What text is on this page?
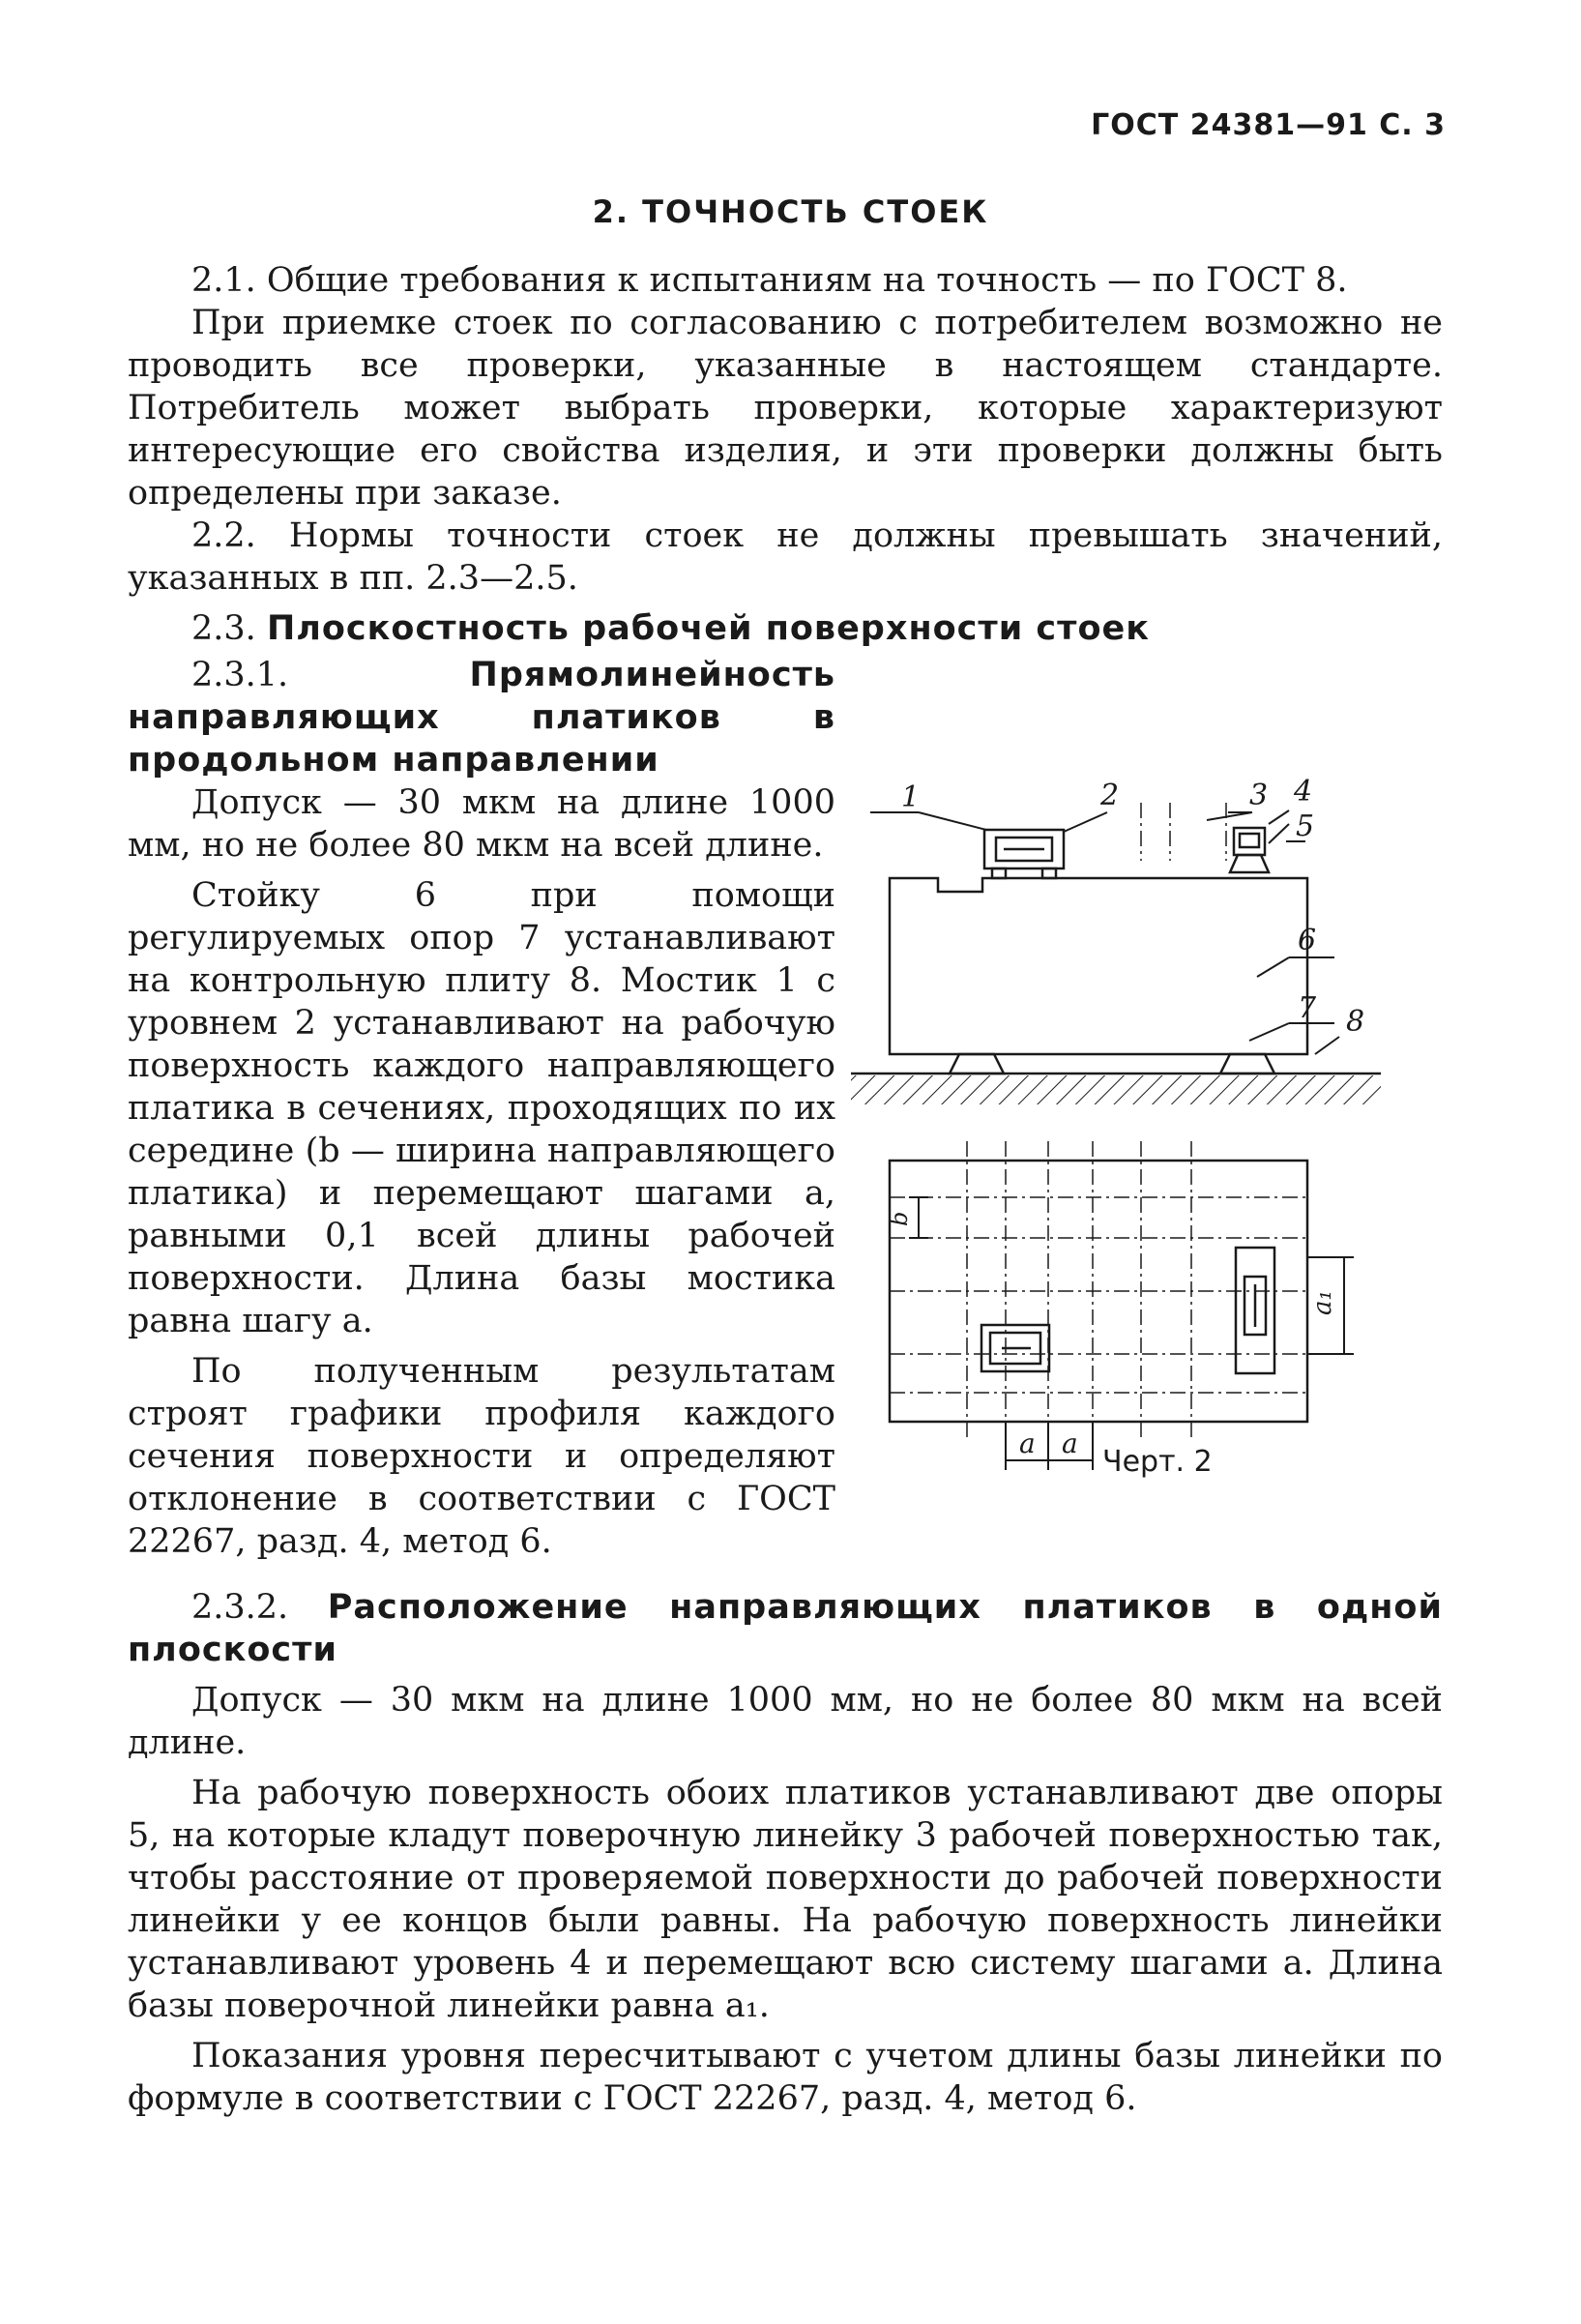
ГОСТ 24381—91 С. 3
2. ТОЧНОСТЬ СТОЕК

2.1. Общие требования к испытаниям на точность — по ГОСТ 8.

При приемке стоек по согласованию с потребителем возможно не проводить все проверки, указанные в настоящем стандарте. Потребитель может выбрать проверки, которые характеризуют интересующие его свойства изделия, и эти проверки должны быть определены при заказе.

2.2. Нормы точности стоек не должны превышать значений, указанных в пп. 2.3—2.5.

2.3. Плоскостность рабочей поверхности стоек

2.3.1.	Прямолинейность направляющих платиков в продольном направлении

Допуск — 30 мкм на длине 1000 мм, но не более 80 мкм на всей длине.

Стойку 6 при помощи регулируемых опор 7 устанавливают на контрольную плиту 8. Мостик 1 с уровнем 2 устанавливают на рабочую поверхность каждого направляющего платика в сечениях, проходящих по их середине (b — ширина направляющего платика) и перемещают шагами a, равными 0,1 всей длины рабочей поверхности. Длина базы мостика равна шагу a.

По полученным результатам строят графики профиля каждого сечения поверхности и определяют отклонение в соответствии с ГОСТ 22267, разд. 4, метод 6.

2.3.2. Расположение направляющих платиков в одной плоскости

Допуск — 30 мкм на длине 1000 мм, но не более 80 мкм на всей длине.

На рабочую поверхность обоих платиков устанавливают две опоры 5, на которые кладут поверочную линейку 3 рабочей поверхностью так, чтобы расстояние от проверяемой поверхности до рабочей поверхности линейки у ее концов были равны. На рабочую поверхность линейки устанавливают уровень 4 и перемещают всю систему шагами a. Длина базы поверочной линейки равна a₁.

Показания уровня пересчитывают с учетом длины базы линейки по формуле в соответствии с ГОСТ 22267, разд. 4, метод 6.

1	2	3 4
5
6
7 8
b
a₁
a a
Черт. 2
